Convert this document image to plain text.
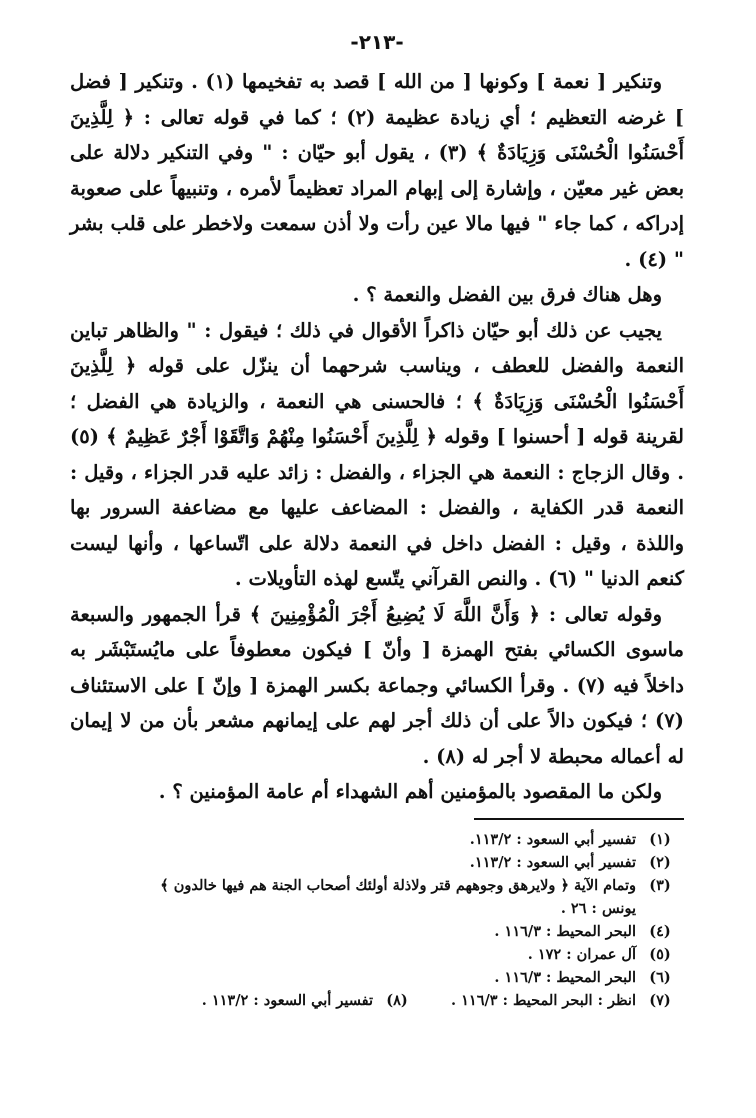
-٢١٣-

وتنكير [ نعمة ] وكونها [ من الله ] قصد به تفخيمها (١) . وتنكير [ فضل ] غرضه التعظيم ؛ أي زيادة عظيمة (٢) ؛ كما في قوله تعالى : ﴿ لِلَّذِينَ أَحْسَنُوا الْحُسْنَى وَزِيَادَةٌ ﴾ (٣) ، يقول أبو حيّان : " وفي التنكير دلالة على بعض غير معيّن ، وإشارة إلى إبهام المراد تعظيماً لأمره ، وتنبيهاً على صعوبة إدراكه ، كما جاء " فيها مالا عين رأت ولا أذن سمعت ولاخطر على قلب بشر " (٤) .

وهل هناك فرق بين الفضل والنعمة ؟ .

يجيب عن ذلك أبو حيّان ذاكراً الأقوال في ذلك ؛ فيقول : " والظاهر تباين النعمة والفضل للعطف ، ويناسب شرحهما أن ينزّل على قوله ﴿ لِلَّذِينَ أَحْسَنُوا الْحُسْنَى وَزِيَادَةٌ ﴾ ؛ فالحسنى هي النعمة ، والزيادة هي الفضل ؛ لقرينة قوله [ أحسنوا ] وقوله ﴿ لِلَّذِينَ أَحْسَنُوا مِنْهُمْ وَاتَّقَوْا أَجْرٌ عَظِيمٌ ﴾ (٥) . وقال الزجاج : النعمة هي الجزاء ، والفضل : زائد عليه قدر الجزاء ، وقيل : النعمة قدر الكفاية ، والفضل : المضاعف عليها مع مضاعفة السرور بها واللذة ، وقيل : الفضل داخل في النعمة دلالة على اتّساعها ، وأنها ليست كنعم الدنيا " (٦) . والنص القرآني يتّسع لهذه التأويلات .

وقوله تعالى : ﴿ وَأَنَّ اللَّهَ لَا يُضِيعُ أَجْرَ الْمُؤْمِنِينَ ﴾ قرأ الجمهور والسبعة ماسوى الكسائي بفتح الهمزة [ وأنّ ] فيكون معطوفاً على مايُستَبْشَر به داخلاً فيه (٧) . وقرأ الكسائي وجماعة بكسر الهمزة [ وإنّ ] على الاستئناف (٧) ؛ فيكون دالاً على أن ذلك أجر لهم على إيمانهم مشعر بأن من لا إيمان له أعماله محبطة لا أجر له (٨) .

ولكن ما المقصود بالمؤمنين أهم الشهداء أم عامة المؤمنين ؟ .

(١)
تفسير أبي السعود : ١١٣/٢.
(٢)
تفسير أبي السعود : ١١٣/٢.
(٣)
وتمام الآية ﴿ ولايرهق وجوههم قتر ولاذلة أولئك أصحاب الجنة هم فيها خالدون ﴾
يونس : ٢٦ .
(٤)
البحر المحيط : ١١٦/٣ .
(٥)
آل عمران : ١٧٢ .
(٦)
البحر المحيط : ١١٦/٣ .
(٧)
انظر : البحر المحيط : ١١٦/٣ .
(٨)
تفسير أبي السعود : ١١٣/٢ .
